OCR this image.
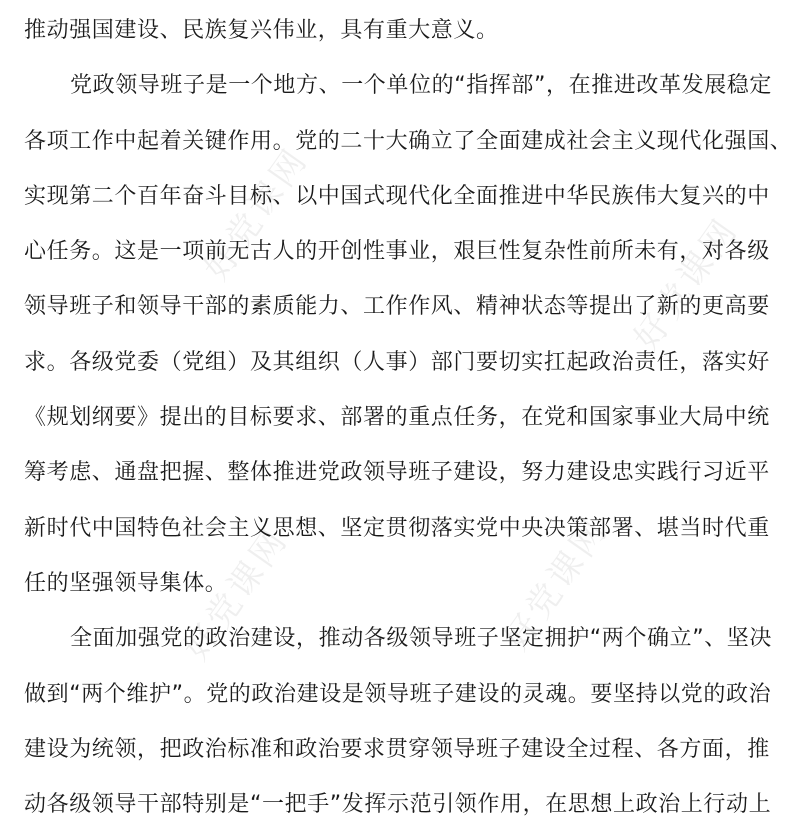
好党课网	好党课网
好党课网	好党课网
推动强国建设、民族复兴伟业，具有重大意义。
党政领导班子是一个地方、一个单位的“指挥部”，在推进改革发展稳定
各项工作中起着关键作用。党的二十大确立了全面建成社会主义现代化强国、
实现第二个百年奋斗目标、以中国式现代化全面推进中华民族伟大复兴的中
心任务。这是一项前无古人的开创性事业，艰巨性复杂性前所未有，对各级
领导班子和领导干部的素质能力、工作作风、精神状态等提出了新的更高要
求。各级党委（党组）及其组织（人事）部门要切实扛起政治责任，落实好
《规划纲要》提出的目标要求、部署的重点任务，在党和国家事业大局中统
筹考虑、通盘把握、整体推进党政领导班子建设，努力建设忠实践行习近平
新时代中国特色社会主义思想、坚定贯彻落实党中央决策部署、堪当时代重
任的坚强领导集体。
全面加强党的政治建设，推动各级领导班子坚定拥护“两个确立”、坚决
做到“两个维护”。党的政治建设是领导班子建设的灵魂。要坚持以党的政治
建设为统领，把政治标准和政治要求贯穿领导班子建设全过程、各方面，推
动各级领导干部特别是“一把手”发挥示范引领作用，在思想上政治上行动上
